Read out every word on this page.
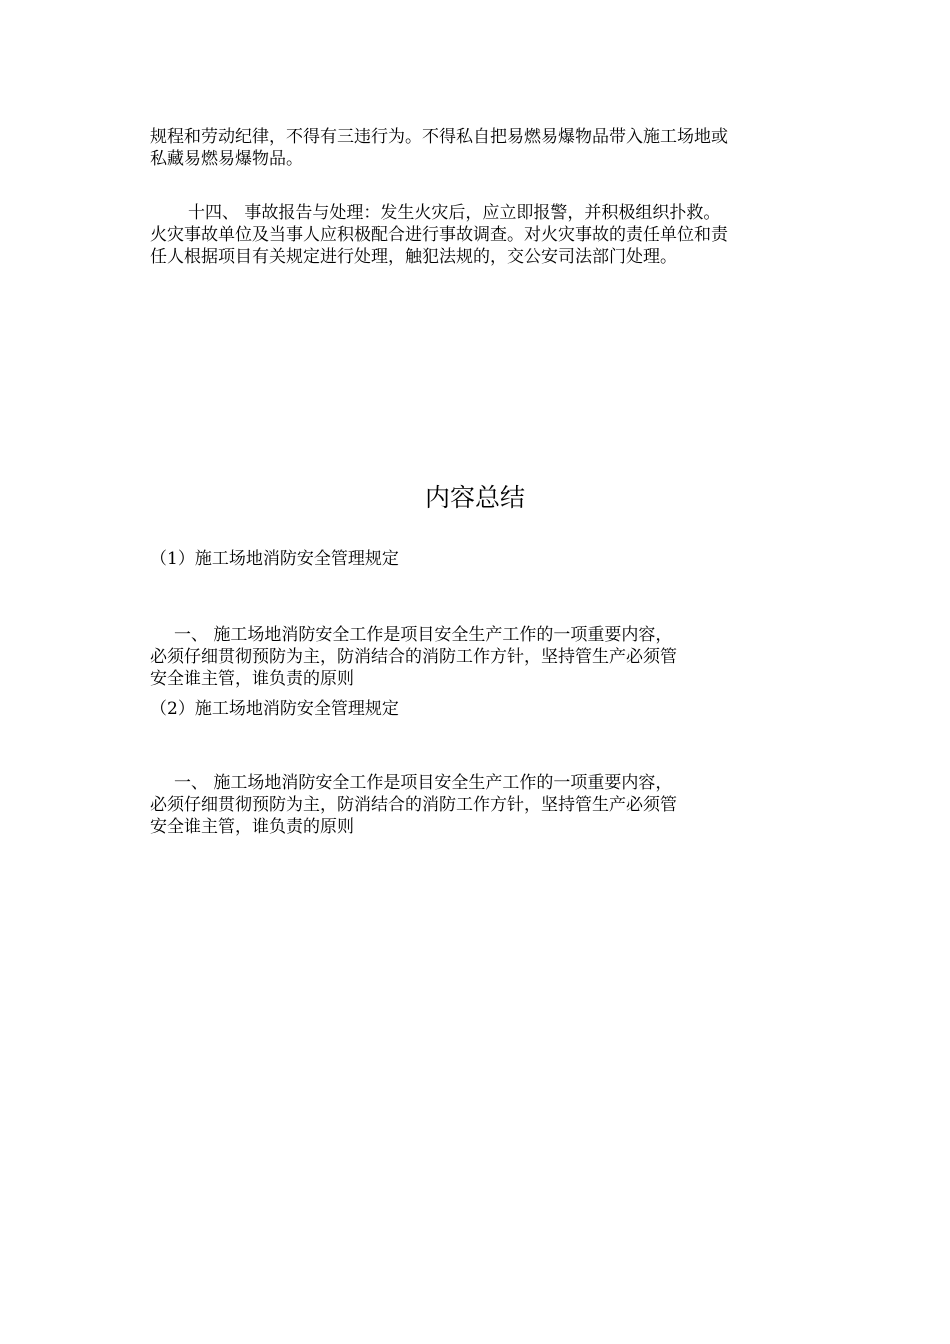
规程和劳动纪律，不得有三违行为。不得私自把易燃易爆物品带入施工场地或
私藏易燃易爆物品。
十四、 事故报告与处理：发生火灾后，应立即报警，并积极组织扑救。
火灾事故单位及当事人应积极配合进行事故调查。对火灾事故的责任单位和责
任人根据项目有关规定进行处理，触犯法规的，交公安司法部门处理。
内容总结
（1）施工场地消防安全管理规定
一、 施工场地消防安全工作是项目安全生产工作的一项重要内容，
必须仔细贯彻预防为主，防消结合的消防工作方针，坚持管生产必须管
安全谁主管，谁负责的原则
（2）施工场地消防安全管理规定
一、 施工场地消防安全工作是项目安全生产工作的一项重要内容，
必须仔细贯彻预防为主，防消结合的消防工作方针，坚持管生产必须管
安全谁主管，谁负责的原则
